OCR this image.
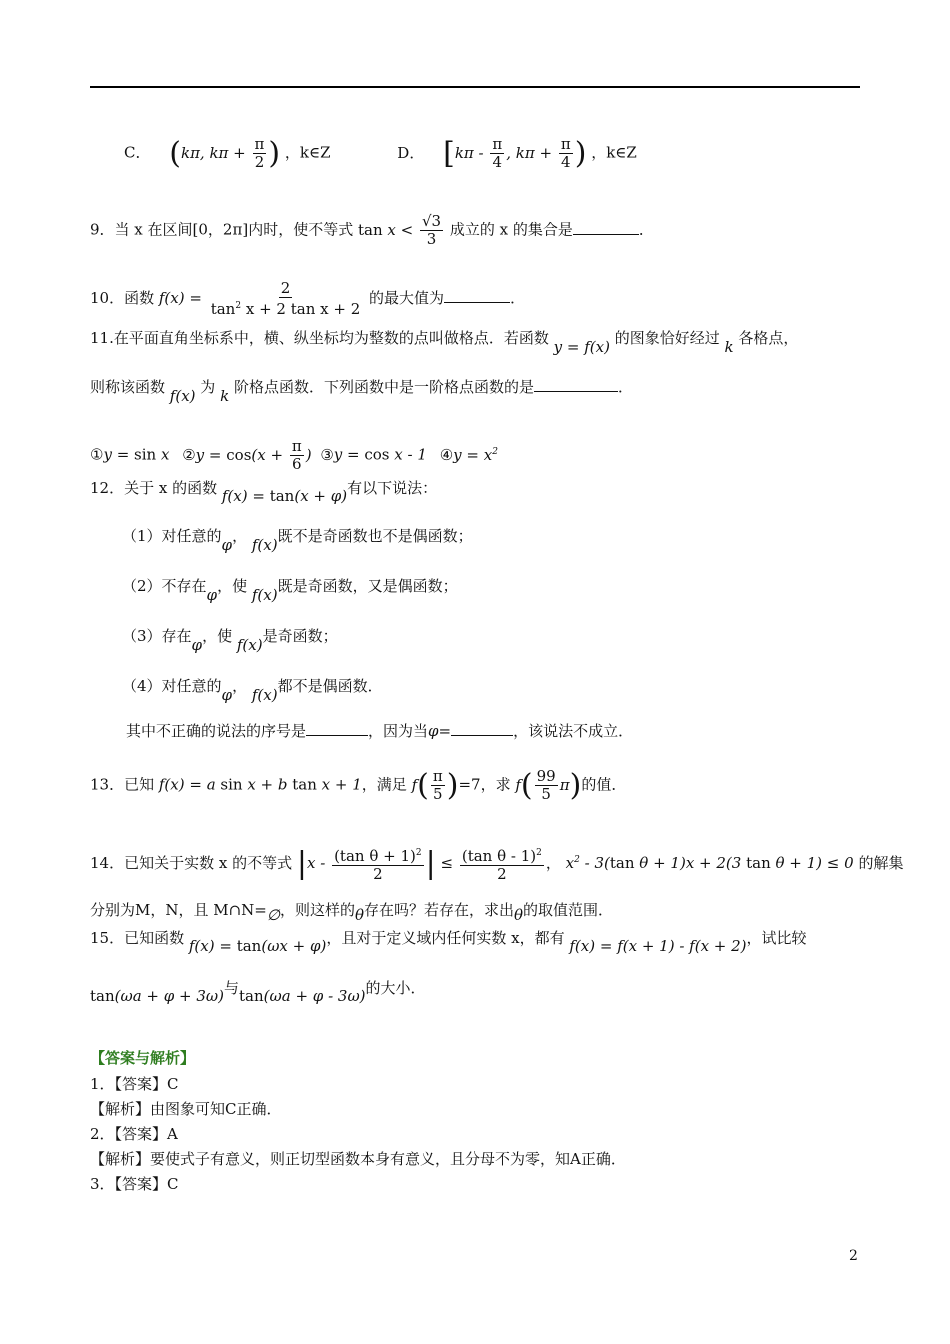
C． (kπ, $k\pi + \frac{\pi}{2}$ ) ，k∈Z	D． [$k\pi - \frac{\pi}{4}$ , $k\pi + \frac{\pi}{4}$ ) ，k∈Z
9．当 x 在区间[0，2π]内时，使不等式 $\tan x < \frac{√3}{3}$ 成立的 x 的集合是	．
10．函数 $f(x) = \frac{2}{\tan^2 x + 2 \tan x + 2}$ 的最大值为	．
11.在平面直角坐标系中，横、纵坐标均为整数的点叫做格点．若函数 y = f(x) 的图象恰好经过 k 各格点，
则称该函数 f(x) 为 k 阶格点函数．下列函数中是一阶格点函数的是	．
①y = sin x ②y = $\cos(x + \frac{\pi}{6}$ ) ③y = cos x - 1 ④y = $x^2$
12．关于 x 的函数 f(x) = tan(x + φ)有以下说法：
（1）对任意的φ， f(x)既不是奇函数也不是偶函数；
（2）不存在φ，使 f(x)既是奇函数，又是偶函数；
（3）存在φ，使 f(x)是奇函数；
（4）对任意的φ， f(x)都不是偶函数．
其中不正确的说法的序号是	，因为当φ=	，该说法不成立．
13．已知 f(x) = a sin x + b tan x + 1，满足 $f( \frac{\pi}{5} )=7$，求 $f( \frac{99}{5} \pi)$的值．
14．已知关于实数 x 的不等式 $|x - \frac{(\tan \theta + 1)^2}{2}$ | ≤ $\frac{(\tan \theta - 1)^2}{2}$ ， $x^2 - 3(\tan$ θ + 1)x + 2(3 tan θ + 1) ≤ 0 的解集
分别为M，N，且 M∩N=∅，则这样的θ存在吗？若存在，求出θ的取值范围．
15．已知函数 f(x) = tan(ωx + φ)，且对于定义域内任何实数 x，都有 f(x) = f(x + 1) - f(x + 2)，试比较
tan(ωa + φ + 3ω)与tan(ωa + φ - 3ω)的大小．
【答案与解析】
1．【答案】C
【解析】由图象可知C正确．
2．【答案】A
【解析】要使式子有意义，则正切型函数本身有意义，且分母不为零，知A正确．
3．【答案】C
2
